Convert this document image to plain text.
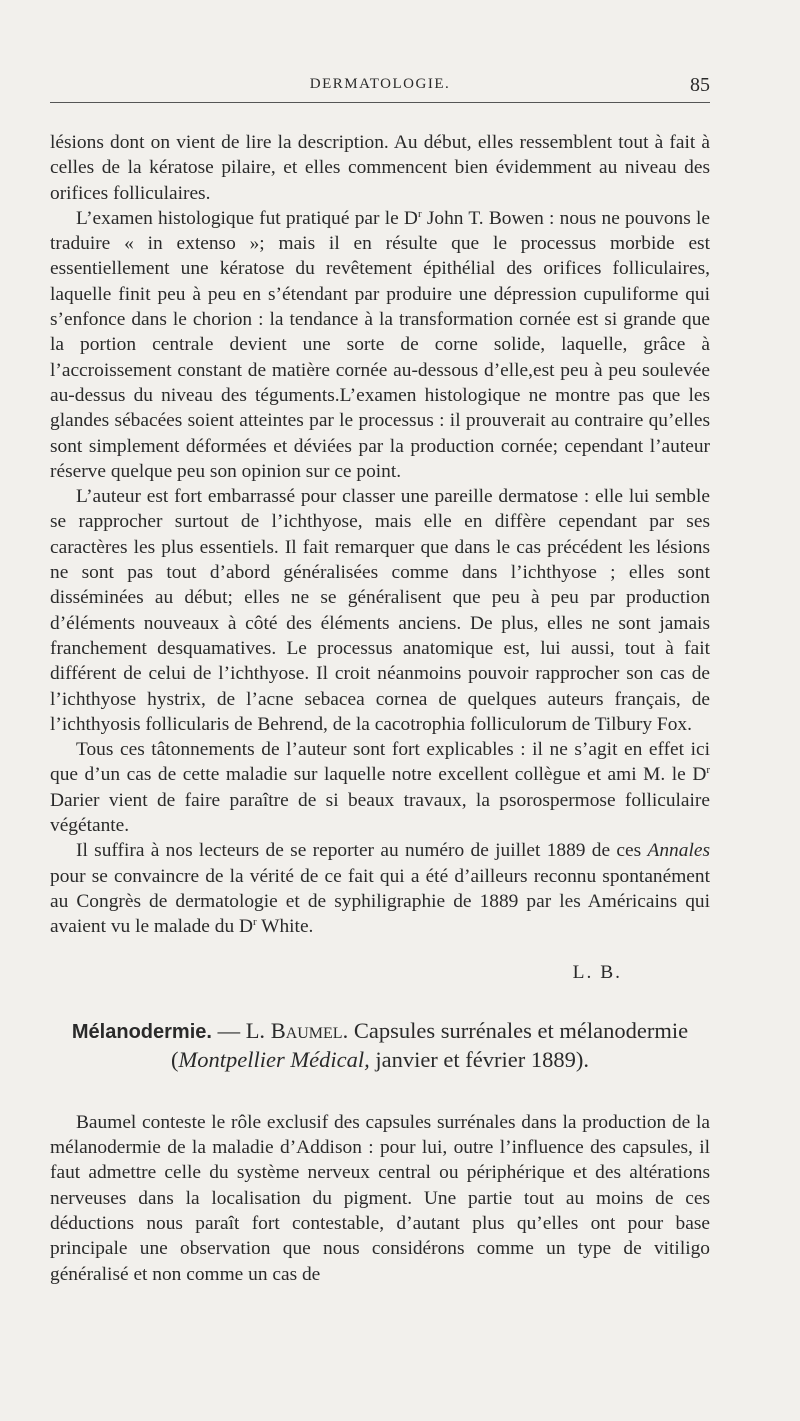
DERMATOLOGIE.	85

lésions dont on vient de lire la description. Au début, elles ressemblent tout à fait à celles de la kératose pilaire, et elles commencent bien évidemment au niveau des orifices folliculaires.

L’examen histologique fut pratiqué par le $D^r$ John T. Bowen : nous ne pouvons le traduire « in extenso »; mais il en résulte que le processus morbide est essentiellement une kératose du revêtement épithélial des orifices folliculaires, laquelle finit peu à peu en s’étendant par produire une dépression cupuliforme qui s’enfonce dans le chorion : la tendance à la transformation cornée est si grande que la portion centrale devient une sorte de corne solide, laquelle, grâce à l’accroissement constant de matière cornée au-dessous d’elle,est peu à peu soulevée au-dessus du niveau des téguments.L’examen histologique ne montre pas que les glandes sébacées soient atteintes par le processus : il prouverait au contraire qu’elles sont simplement déformées et déviées par la production cornée; cependant l’auteur réserve quelque peu son opinion sur ce point.

L’auteur est fort embarrassé pour classer une pareille dermatose : elle lui semble se rapprocher surtout de l’ichthyose, mais elle en diffère cependant par ses caractères les plus essentiels. Il fait remarquer que dans le cas précédent les lésions ne sont pas tout d’abord généralisées comme dans l’ichthyose ; elles sont disséminées au début; elles ne se généralisent que peu à peu par production d’éléments nouveaux à côté des éléments anciens. De plus, elles ne sont jamais franchement desquamatives. Le processus anatomique est, lui aussi, tout à fait différent de celui de l’ichthyose. Il croit néanmoins pouvoir rapprocher son cas de l’ichthyose hystrix, de l’acne sebacea cornea de quelques auteurs français, de l’ichthyosis follicularis de Behrend, de la cacotrophia folliculorum de Tilbury Fox.

Tous ces tâtonnements de l’auteur sont fort explicables : il ne s’agit en effet ici que d’un cas de cette maladie sur laquelle notre excellent collègue et ami M. le $D^r$ Darier vient de faire paraître de si beaux travaux, la psorospermose folliculaire végétante.

Il suffira à nos lecteurs de se reporter au numéro de juillet 1889 de ces Annales pour se convaincre de la vérité de ce fait qui a été d’ailleurs reconnu spontanément au Congrès de dermatologie et de syphiligraphie de 1889 par les Américains qui avaient vu le malade du $D^r$ White.

L. B.

Mélanodermie. — L. Baumel. Capsules surrénales et mélanodermie
(Montpellier Médical, janvier et février 1889).

Baumel conteste le rôle exclusif des capsules surrénales dans la production de la mélanodermie de la maladie d’Addison : pour lui, outre l’influence des capsules, il faut admettre celle du système nerveux central ou périphérique et des altérations nerveuses dans la localisation du pigment. Une partie tout au moins de ces déductions nous paraît fort contestable, d’autant plus qu’elles ont pour base principale une observation que nous considérons comme un type de vitiligo généralisé et non comme un cas de
